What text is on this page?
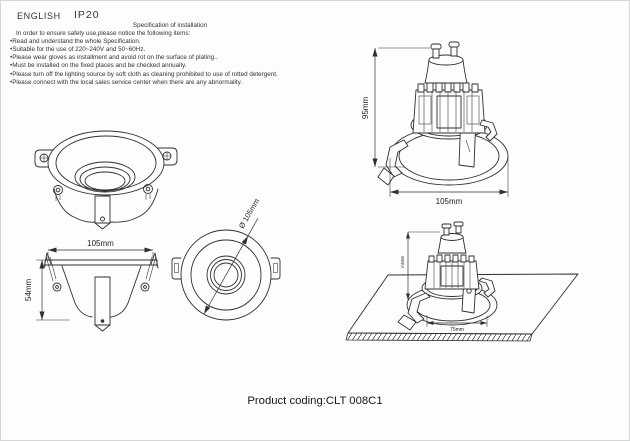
ENGLISH IP20
Specification of installation
In order to ensure safety use,please notice the following items:
•Read and understand the whole Specification.
•Suitable for the use of 220~240V and 50~60Hz.
•Please wear gloves as installment and avoid rot on the surface of plating..
•Must be installed on the fixed places and be checked annually.
•Please turn off the lighting source by soft cloth as cleaning prohibited to use of rotted detergent.
•Please connect with the local sales service center when there are any abnormality.
105mm
54mm
Ø 105mm
95mm
105mm
min65
75mm
Product coding:CLT 008C1
